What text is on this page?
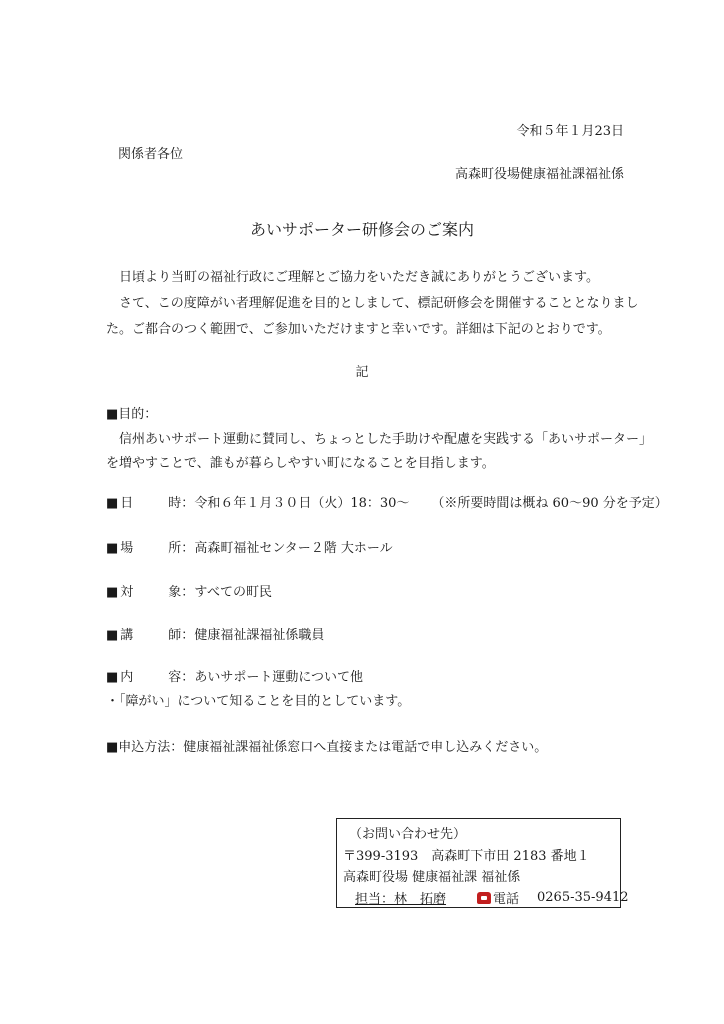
令和５年１月23日
関係者各位
高森町役場健康福祉課福祉係
あいサポーター研修会のご案内
　日頃より当町の福祉行政にご理解とご協力をいただき誠にありがとうございます。
　さて、この度障がい者理解促進を目的としまして、標記研修会を開催することとなりまし
た。ご都合のつく範囲で、ご参加いただけますと幸いです。詳細は下記のとおりです。
記
■目的：
　信州あいサポート運動に賛同し、ちょっとした手助けや配慮を実践する「あいサポーター」
を増やすことで、誰もが暮らしやすい町になることを目指します。
■ 日	時： 令和６年１月３０日（火）18：30～ （※所要時間は概ね 60～90 分を予定）
■ 場	所： 高森町福祉センター２階 大ホール
■ 対	象： すべての町民
■ 講	師： 健康福祉課福祉係職員
■ 内	容： あいサポート運動について他
・「障がい」について知ることを目的としています。
■申込方法： 健康福祉課福祉係窓口へ直接または電話で申し込みください。
（お問い合わせ先）
〒399-3193　高森町下市田 2183 番地１
高森町役場 健康福祉課 福祉係
担当：林　拓磨	電話 0265-35-9412
